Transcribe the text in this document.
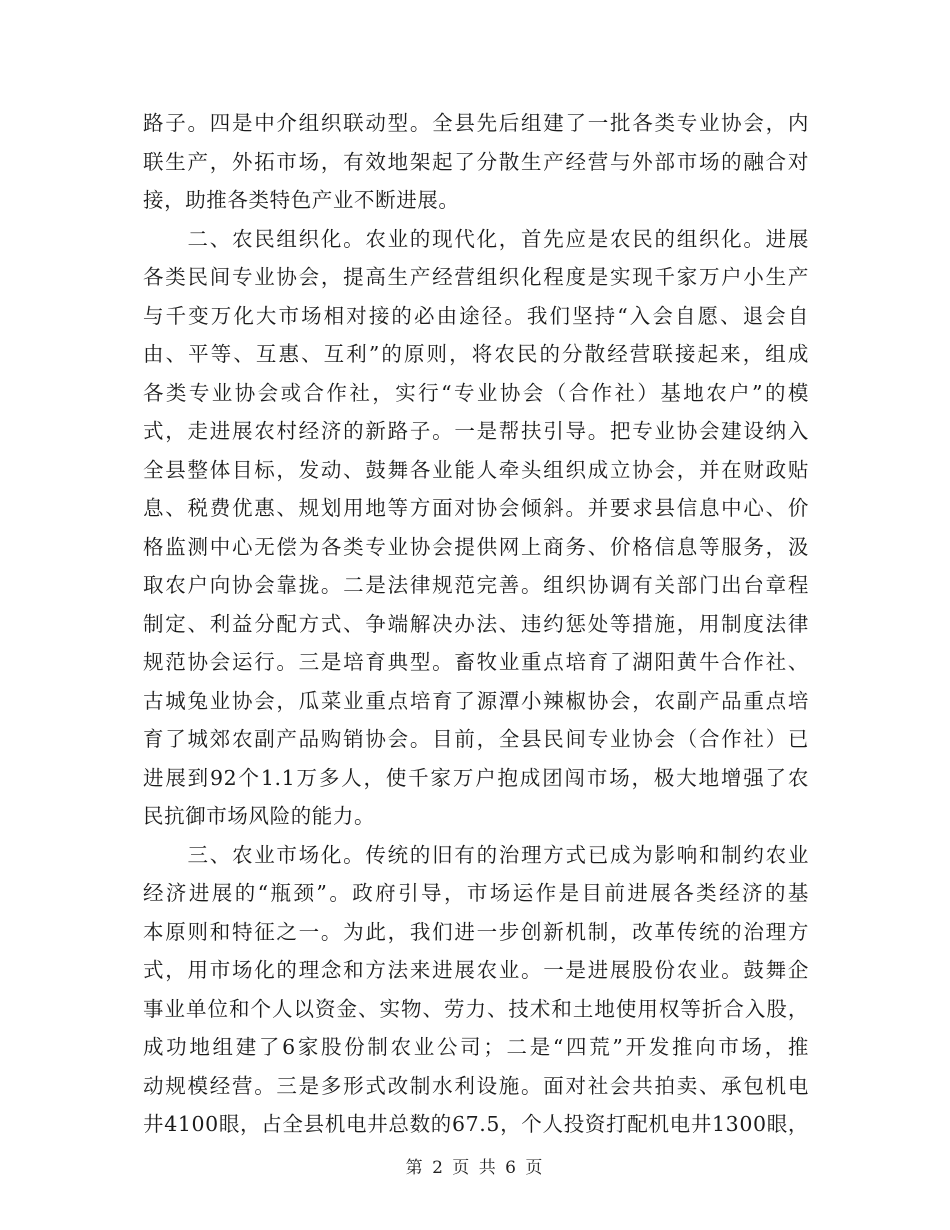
路子。四是中介组织联动型。全县先后组建了一批各类专业协会，内
联生产，外拓市场，有效地架起了分散生产经营与外部市场的融合对
接，助推各类特色产业不断进展。
　　二、农民组织化。农业的现代化，首先应是农民的组织化。进展
各类民间专业协会，提高生产经营组织化程度是实现千家万户小生产
与千变万化大市场相对接的必由途径。我们坚持“入会自愿、退会自
由、平等、互惠、互利”的原则，将农民的分散经营联接起来，组成
各类专业协会或合作社，实行“专业协会（合作社）基地农户”的模
式，走进展农村经济的新路子。一是帮扶引导。把专业协会建设纳入
全县整体目标，发动、鼓舞各业能人牵头组织成立协会，并在财政贴
息、税费优惠、规划用地等方面对协会倾斜。并要求县信息中心、价
格监测中心无偿为各类专业协会提供网上商务、价格信息等服务，汲
取农户向协会靠拢。二是法律规范完善。组织协调有关部门出台章程
制定、利益分配方式、争端解决办法、违约惩处等措施，用制度法律
规范协会运行。三是培育典型。畜牧业重点培育了湖阳黄牛合作社、
古城兔业协会，瓜菜业重点培育了源潭小辣椒协会，农副产品重点培
育了城郊农副产品购销协会。目前，全县民间专业协会（合作社）已
进展到92个1.1万多人，使千家万户抱成团闯市场，极大地增强了农
民抗御市场风险的能力。
　　三、农业市场化。传统的旧有的治理方式已成为影响和制约农业
经济进展的“瓶颈”。政府引导，市场运作是目前进展各类经济的基
本原则和特征之一。为此，我们进一步创新机制，改革传统的治理方
式，用市场化的理念和方法来进展农业。一是进展股份农业。鼓舞企
事业单位和个人以资金、实物、劳力、技术和土地使用权等折合入股，
成功地组建了6家股份制农业公司；二是“四荒”开发推向市场，推
动规模经营。三是多形式改制水利设施。面对社会共拍卖、承包机电
井4100眼，占全县机电井总数的67.5，个人投资打配机电井1300眼，
第 2 页 共 6 页
